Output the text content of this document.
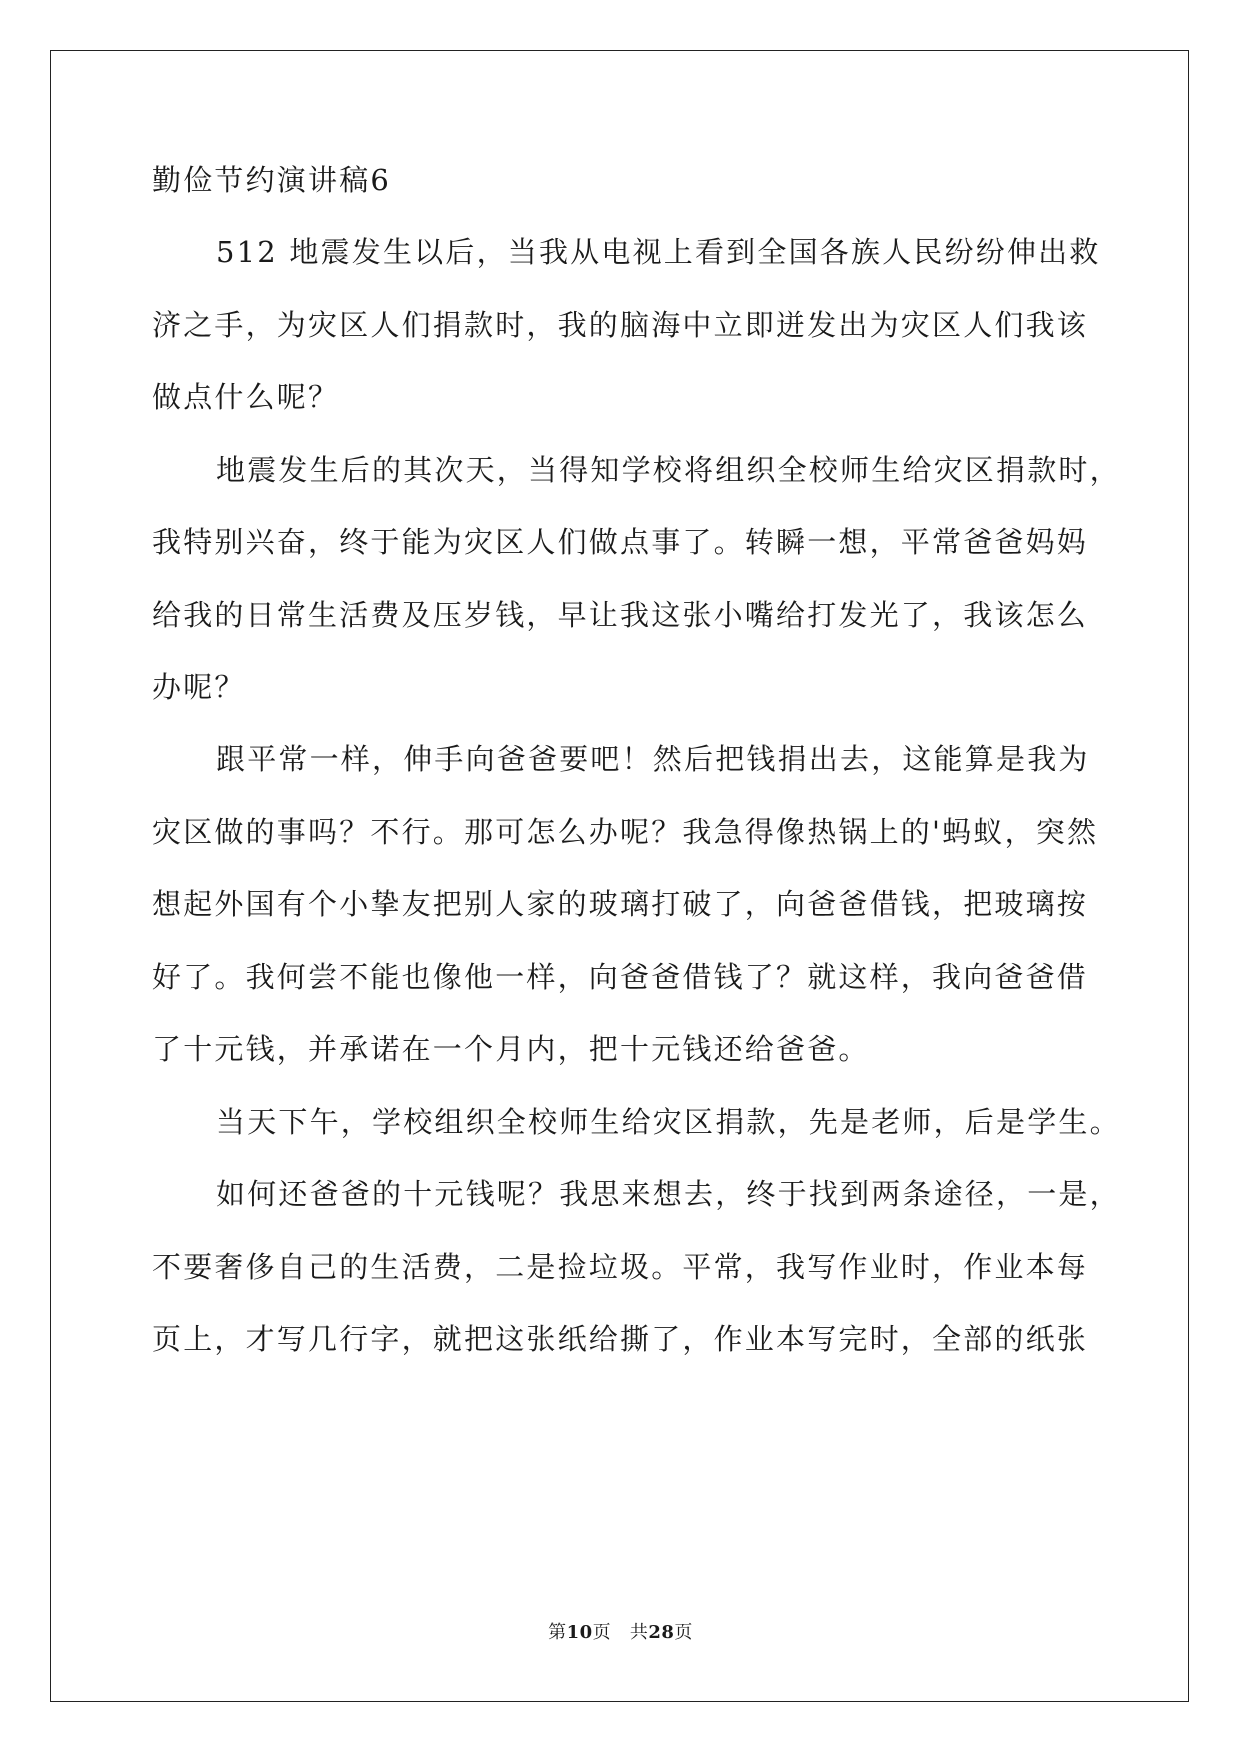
勤俭节约演讲稿6
512 地震发生以后，当我从电视上看到全国各族人民纷纷伸出救
济之手，为灾区人们捐款时，我的脑海中立即迸发出为灾区人们我该
做点什么呢？
地震发生后的其次天，当得知学校将组织全校师生给灾区捐款时，
我特别兴奋，终于能为灾区人们做点事了。转瞬一想，平常爸爸妈妈
给我的日常生活费及压岁钱，早让我这张小嘴给打发光了，我该怎么
办呢？
跟平常一样，伸手向爸爸要吧！然后把钱捐出去，这能算是我为
灾区做的事吗？不行。那可怎么办呢？我急得像热锅上的'蚂蚁，突然
想起外国有个小挚友把别人家的玻璃打破了，向爸爸借钱，把玻璃按
好了。我何尝不能也像他一样，向爸爸借钱了？就这样，我向爸爸借
了十元钱，并承诺在一个月内，把十元钱还给爸爸。
当天下午，学校组织全校师生给灾区捐款，先是老师，后是学生。
如何还爸爸的十元钱呢？我思来想去，终于找到两条途径，一是，
不要奢侈自己的生活费，二是捡垃圾。平常，我写作业时，作业本每
页上，才写几行字，就把这张纸给撕了，作业本写完时，全部的纸张
第10页 共28页
